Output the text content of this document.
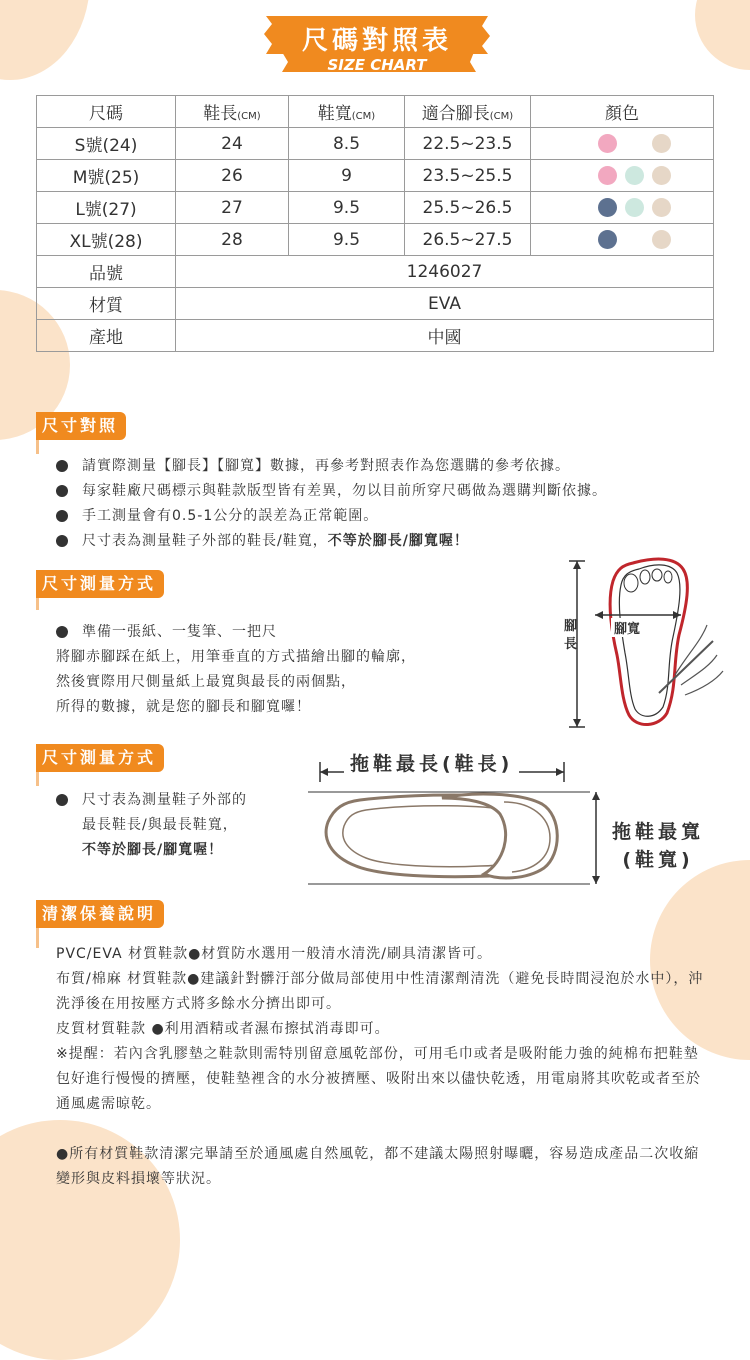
尺碼對照表
SIZE CHART
尺碼	鞋長(CM)	鞋寬(CM)	適合腳長(CM)	顏色
S號(24)	24	8.5	22.5~23.5	
M號(25)	26	9	23.5~25.5	
L號(27)	27	9.5	25.5~26.5	
XL號(28)	28	9.5	26.5~27.5	
品號	1246027			
材質	EVA			
產地	中國			
尺寸對照
請實際測量【腳長】【腳寬】數據，再參考對照表作為您選購的參考依據。
每家鞋廠尺碼標示與鞋款版型皆有差異，勿以目前所穿尺碼做為選購判斷依據。
手工測量會有0.5-1公分的誤差為正常範圍。
尺寸表為測量鞋子外部的鞋長/鞋寬，不等於腳長/腳寬喔！
尺寸測量方式
準備一張紙、一隻筆、一把尺
將腳赤腳踩在紙上，用筆垂直的方式描繪出腳的輪廓，
然後實際用尺側量紙上最寬與最長的兩個點，
所得的數據，就是您的腳長和腳寬囉！
腳長
腳寬
尺寸測量方式
尺寸表為測量鞋子外部的
最長鞋長/與最長鞋寬，
不等於腳長/腳寬喔！
拖鞋最長(鞋長)
拖鞋最寬
(鞋寬)
清潔保養說明

PVC/EVA 材質鞋款●材質防水選用一般清水清洗/刷具清潔皆可。

布質/棉麻 材質鞋款●建議針對髒汙部分做局部使用中性清潔劑清洗（避免長時間浸泡於水中），沖洗淨後在用按壓方式將多餘水分擠出即可。

皮質材質鞋款 ●利用酒精或者濕布擦拭消毒即可。

※提醒：若內含乳膠墊之鞋款則需特別留意風乾部份，可用毛巾或者是吸附能力強的純棉布把鞋墊包好進行慢慢的擠壓，使鞋墊裡含的水分被擠壓、吸附出來以儘快乾透，用電扇將其吹乾或者至於通風處需晾乾。

●所有材質鞋款清潔完畢請至於通風處自然風乾，都不建議太陽照射曝曬，容易造成產品二次收縮變形與皮料損壞等狀況。
